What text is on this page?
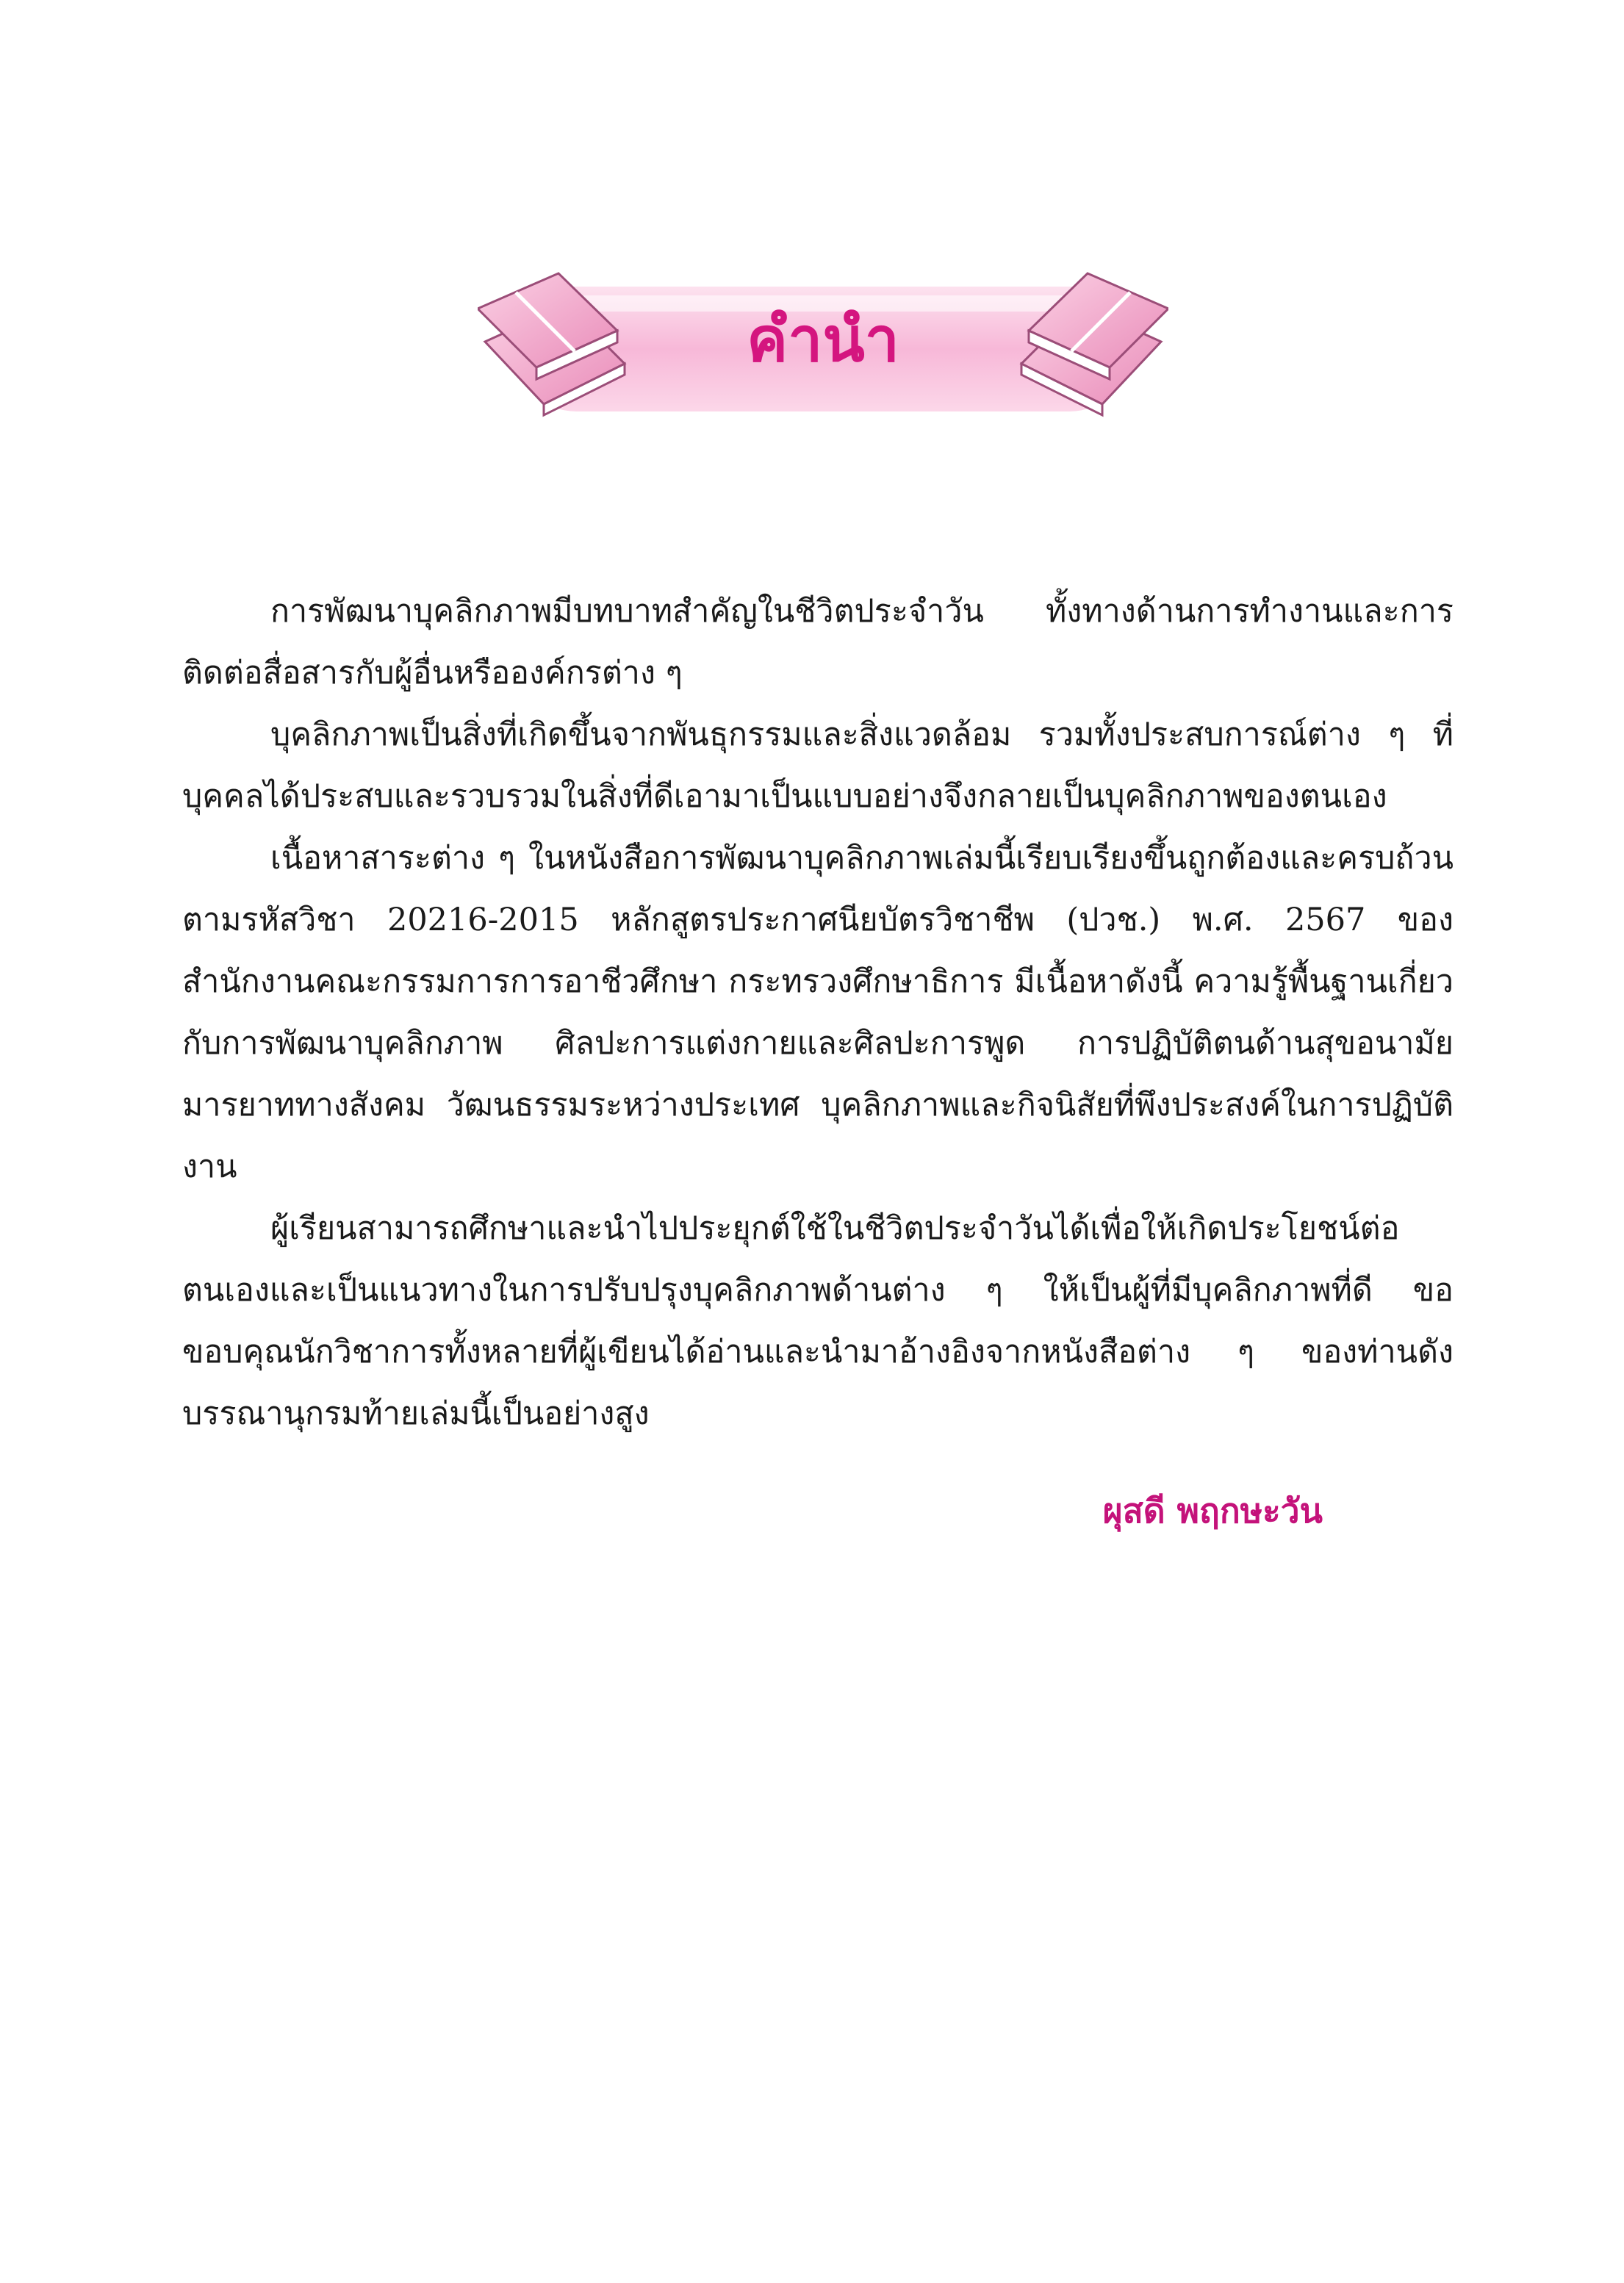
คำนำ

การพัฒนาบุคลิกภาพมีบทบาทสำคัญในชีวิตประจำวัน ทั้งทางด้านการทำงานและการติดต่อสื่อสารกับผู้อื่นหรือองค์กรต่าง ๆ

บุคลิกภาพเป็นสิ่งที่เกิดขึ้นจากพันธุกรรมและสิ่งแวดล้อม รวมทั้งประสบการณ์ต่าง ๆ ที่บุคคลได้ประสบและรวบรวมในสิ่งที่ดีเอามาเป็นแบบอย่างจึงกลายเป็นบุคลิกภาพของตนเอง

เนื้อหาสาระต่าง ๆ ในหนังสือการพัฒนาบุคลิกภาพเล่มนี้เรียบเรียงขึ้นถูกต้องและครบถ้วนตามรหัสวิชา 20216-2015 หลักสูตรประกาศนียบัตรวิชาชีพ (ปวช.) พ.ศ. 2567 ของสำนักงานคณะกรรมการการอาชีวศึกษา กระทรวงศึกษาธิการ มีเนื้อหาดังนี้ ความรู้พื้นฐานเกี่ยวกับการพัฒนาบุคลิกภาพ ศิลปะการแต่งกายและศิลปะการพูด การปฏิบัติตนด้านสุขอนามัย มารยาททางสังคม วัฒนธรรมระหว่างประเทศ บุคลิกภาพและกิจนิสัยที่พึงประสงค์ในการปฏิบัติงาน

ผู้เรียนสามารถศึกษาและนำไปประยุกต์ใช้ในชีวิตประจำวันได้เพื่อให้เกิดประโยชน์ต่อตนเองและเป็นแนวทางในการปรับปรุงบุคลิกภาพด้านต่าง ๆ ให้เป็นผู้ที่มีบุคลิกภาพที่ดี ขอขอบคุณนักวิชาการทั้งหลายที่ผู้เขียนได้อ่านและนำมาอ้างอิงจากหนังสือต่าง ๆ ของท่านดังบรรณานุกรมท้ายเล่มนี้เป็นอย่างสูง

ผุสดี พฤกษะวัน
